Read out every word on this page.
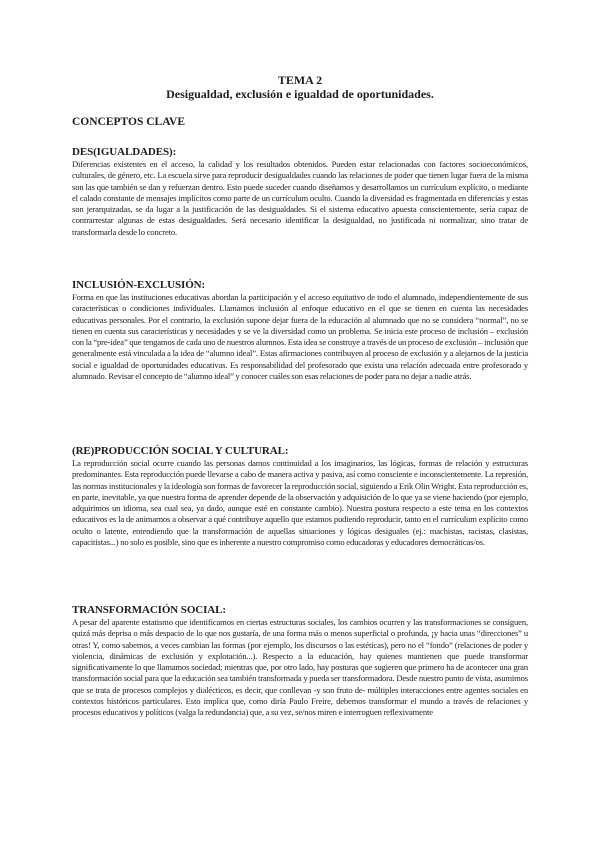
TEMA 2
Desigualdad, exclusión e igualdad de oportunidades.
CONCEPTOS CLAVE
DES(IGUALDADES):

Diferencias existentes en el acceso, la calidad y los resultados obtenidos. Pueden estar relacionadas con factores socioeconómicos, culturales, de género, etc. La escuela sirve para reproducir desigualdades cuando las relaciones de poder que tienen lugar fuera de la misma son las que también se dan y refuerzan dentro. Esto puede suceder cuando diseñamos y desarrollamos un currículum explícito, o mediante el calado constante de mensajes implícitos como parte de un currículum oculto. Cuando la diversidad es fragmentada en diferencias y estas son jerarquizadas, se da lugar a la justificación de las desigualdades. Si el sistema educativo apuesta conscientemente, sería capaz de contrarrestar algunas de estas desigualdades. Será necesario identificar la desigualdad, no justificada ni normalizar, sino tratar de transformarla desde lo concreto.

INCLUSIÓN-EXCLUSIÓN:

Forma en que las instituciones educativas abordan la participación y el acceso equitativo de todo el alumnado, independientemente de sus características o condiciones individuales. Llamamos inclusión al enfoque educativo en el que se tienen en cuenta las necesidades educativas personales. Por el contrario, la exclusión supone dejar fuera de la educación al alumnado que no se considera “normal”, no se tienen en cuenta sus características y necesidades y se ve la diversidad como un problema. Se inicia este proceso de inclusión – exclusión con la “pre-idea” que tengamos de cada uno de nuestros alumnos. Esta idea se construye a través de un proceso de exclusión – inclusión que generalmente está vinculada a la idea de “alumno ideal”. Estas afirmaciones contribuyen al proceso de exclusión y a alejarnos de la justicia social e igualdad de oportunidades educativas. Es responsabilidad del profesorado que exista una relación adecuada entre profesorado y alumnado. Revisar el concepto de “alumno ideal” y conocer cuáles son esas relaciones de poder para no dejar a nadie atrás.

(RE)PRODUCCIÓN SOCIAL Y CULTURAL:

La reproducción social ocurre cuando las personas damos continuidad a los imaginarios, las lógicas, formas de relación y estructuras predominantes. Esta reproducción puede llevarse a cabo de manera activa y pasiva, así como consciente e inconscientemente. La represión, las normas institucionales y la ideología son formas de favorecer la reproducción social, siguiendo a Erik Olin Wright. Esta reproducción es, en parte, inevitable, ya que nuestra forma de aprender depende de la observación y adquisición de lo que ya se viene haciendo (por ejemplo, adquirimos un idioma, sea cual sea, ya dado, aunque esté en constante cambio). Nuestra postura respecto a este tema en los contextos educativos es la de animarnos a observar a qué contribuye aquello que estamos pudiendo reproducir, tanto en el currículum explícito como oculto o latente, entendiendo que la transformación de aquellas situaciones y lógicas desiguales (ej.: machistas, racistas, clasistas, capacitistas...) no solo es posible, sino que es inherente a nuestro compromiso como educadoras y educadores democráticas/os.

TRANSFORMACIÓN SOCIAL:

A pesar del aparente estatismo que identificamos en ciertas estructuras sociales, los cambios ocurren y las transformaciones se consiguen, quizá más deprisa o más despacio de lo que nos gustaría, de una forma más o menos superficial o profunda, ¡y hacia unas “direcciones” u otras! Y, como sabemos, a veces cambian las formas (por ejemplo, los discursos o las estéticas), pero no el “fondo” (relaciones de poder y violencia, dinámicas de exclusión y explotación...). Respecto a la educación, hay quienes mantienen que puede transformar significativamente lo que llamamos sociedad; mientras que, por otro lado, hay posturas que sugieren que primero ha de acontecer una gran transformación social para que la educación sea también transformada y pueda ser transformadora. Desde nuestro punto de vista, asumimos que se trata de procesos complejos y dialécticos, es decir, que conllevan -y son fruto de- múltiples interacciones entre agentes sociales en contextos históricos particulares. Esto implica que, como diría Paulo Freire, debemos transformar el mundo a través de relaciones y procesos educativos y políticos (valga la redundancia) que, a su vez, se/nos miren e interroguen reflexivamente
